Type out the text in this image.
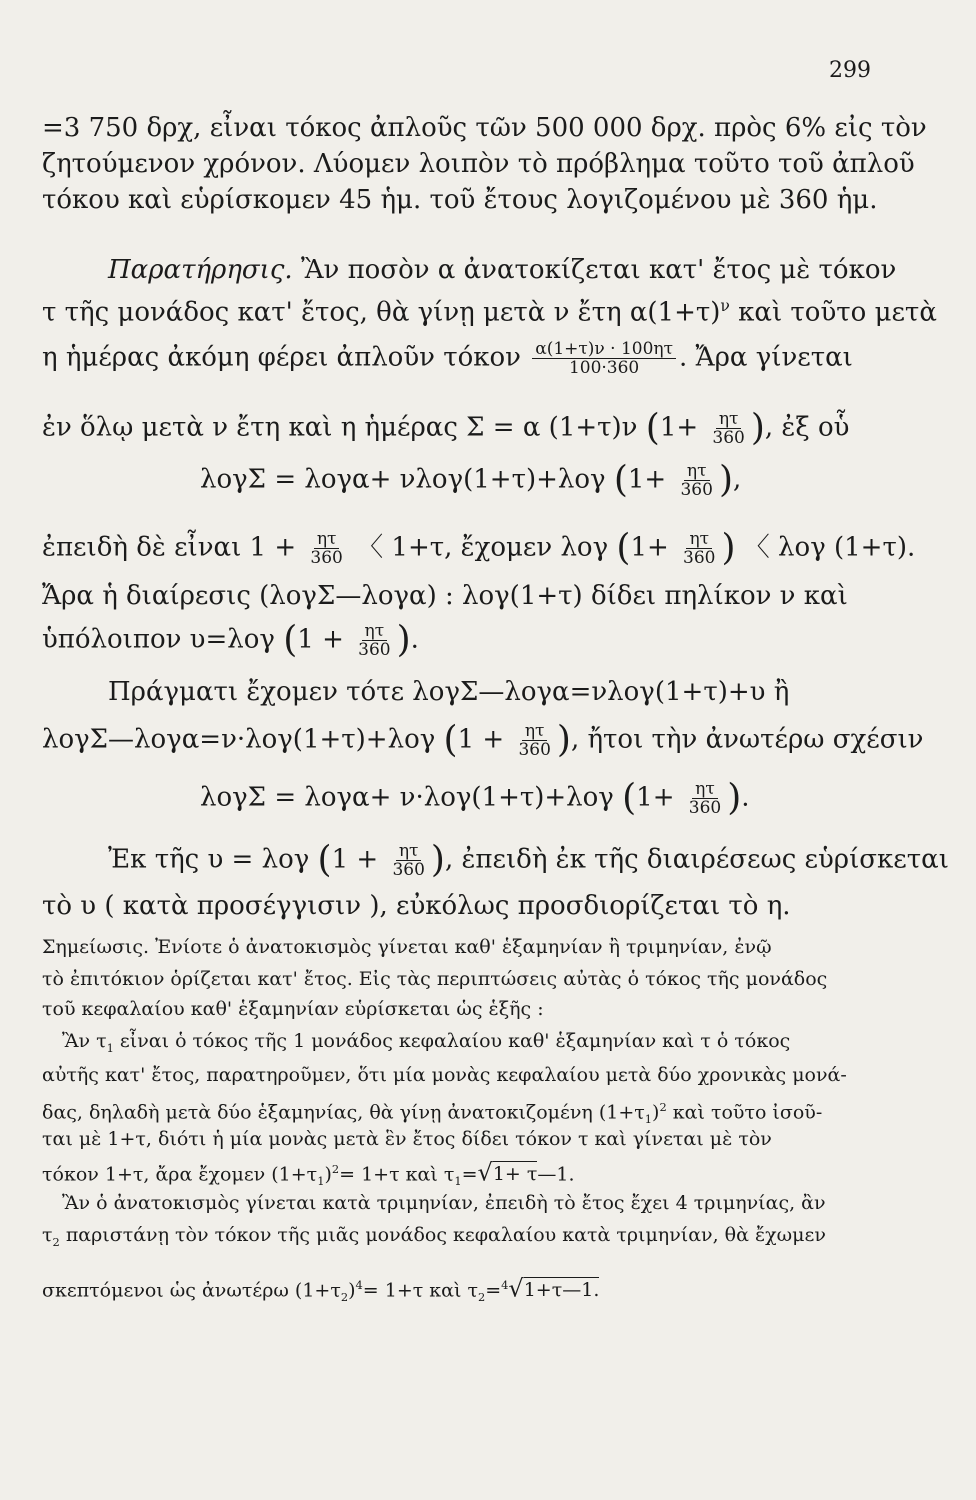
299
=3 750 δρχ, εἶναι τόκος ἀπλοῦς τῶν 500 000 δρχ. πρὸς 6% εἰς τὸν
ζητούμενον χρόνον. Λύομεν λοιπὸν τὸ πρόβλημα τοῦτο τοῦ ἀπλοῦ
τόκου καὶ εὑρίσκομεν 45 ἡμ. τοῦ ἔτους λογιζομένου μὲ 360 ἡμ.
Παρατήρησις. Ἂν ποσὸν α ἀνατοκίζεται κατ' ἔτος μὲ τόκον
τ τῆς μονάδος κατ' ἔτος, θὰ γίνῃ μετὰ ν ἔτη $\alpha(1+\tau)^\nu$ καὶ τοῦτο μετὰ
η ἡμέρας ἀκόμη φέρει ἀπλοῦν τόκον $\frac{\alpha(1+\tau)\nu \cdot 100\eta\tau}{100\cdot 360}$ . Ἄρα γίνεται
ἐν ὅλῳ μετὰ ν ἔτη καὶ η ἡμέρας Σ = α (1+τ)ν ($1+ \frac{\eta\tau}{360}$ ), ἐξ οὗ
λογΣ = λογα+ νλογ(1+τ)+λογ ($1+ \frac{\eta\tau}{360}$ ),
ἐπειδὴ δὲ εἶναι $1 + \frac{\eta\tau}{360}$ 〈 1+τ, ἔχομεν λογ ($1+ \frac{\eta\tau}{360}$ ) 〈 λογ (1+τ).
Ἄρα ἡ διαίρεσις (λογΣ—λογα) : λογ(1+τ) δίδει πηλίκον ν καὶ
ὑπόλοιπον υ=λογ ($1 + \frac{\eta\tau}{360}$ ).
Πράγματι ἔχομεν τότε λογΣ—λογα=νλογ(1+τ)+υ ἢ
λογΣ—λογα=ν·λογ(1+τ)+λογ ($1 + \frac{\eta\tau}{360}$ ), ἤτοι τὴν ἀνωτέρω σχέσιν
λογΣ = λογα+ ν·λογ(1+τ)+λογ ($1+ \frac{\eta\tau}{360}$ ).
Ἐκ τῆς υ = λογ ($1 + \frac{\eta\tau}{360}$ ), ἐπειδὴ ἐκ τῆς διαιρέσεως εὑρίσκεται
τὸ υ ( κατὰ προσέγγισιν ), εὐκόλως προσδιορίζεται τὸ η.
Σημείωσις. Ἐνίοτε ὁ ἀνατοκισμὸς γίνεται καθ' ἑξαμηνίαν ἢ τριμηνίαν, ἐνῷ
τὸ ἐπιτόκιον ὁρίζεται κατ' ἔτος. Εἰς τὰς περιπτώσεις αὐτὰς ὁ τόκος τῆς μονάδος
τοῦ κεφαλαίου καθ' ἑξαμηνίαν εὑρίσκεται ὡς ἑξῆς :
Ἂν $\tau_1$ εἶναι ὁ τόκος τῆς 1 μονάδος κεφαλαίου καθ' ἑξαμηνίαν καὶ τ ὁ τόκος
αὐτῆς κατ' ἔτος, παρατηροῦμεν, ὅτι μία μονὰς κεφαλαίου μετὰ δύο χρονικὰς μονά-
δας, δηλαδὴ μετὰ δύο ἑξαμηνίας, θὰ γίνῃ ἀνατοκιζομένη $(1+\tau_1)^2$ καὶ τοῦτο ἰσοῦ-
ται μὲ 1+τ, διότι ἡ μία μονὰς μετὰ ἓν ἔτος δίδει τόκον τ καὶ γίνεται μὲ τὸν
τόκον 1+τ, ἄρα ἔχομεν $(1+\tau_1)^2= 1+\tau$ καὶ $\tau_1=√1+$ τ—1.
Ἂν ὁ ἀνατοκισμὸς γίνεται κατὰ τριμηνίαν, ἐπειδὴ τὸ ἔτος ἔχει 4 τριμηνίας, ἂν
$\tau_2$ παριστάνῃ τὸν τόκον τῆς μιᾶς μονάδος κεφαλαίου κατὰ τριμηνίαν, θὰ ἔχωμεν
σκεπτόμενοι ὡς ἀνωτέρω $(1+\tau_2)^4= 1+\tau$ καὶ $\tau_2=^4√1+\tau—1$.
